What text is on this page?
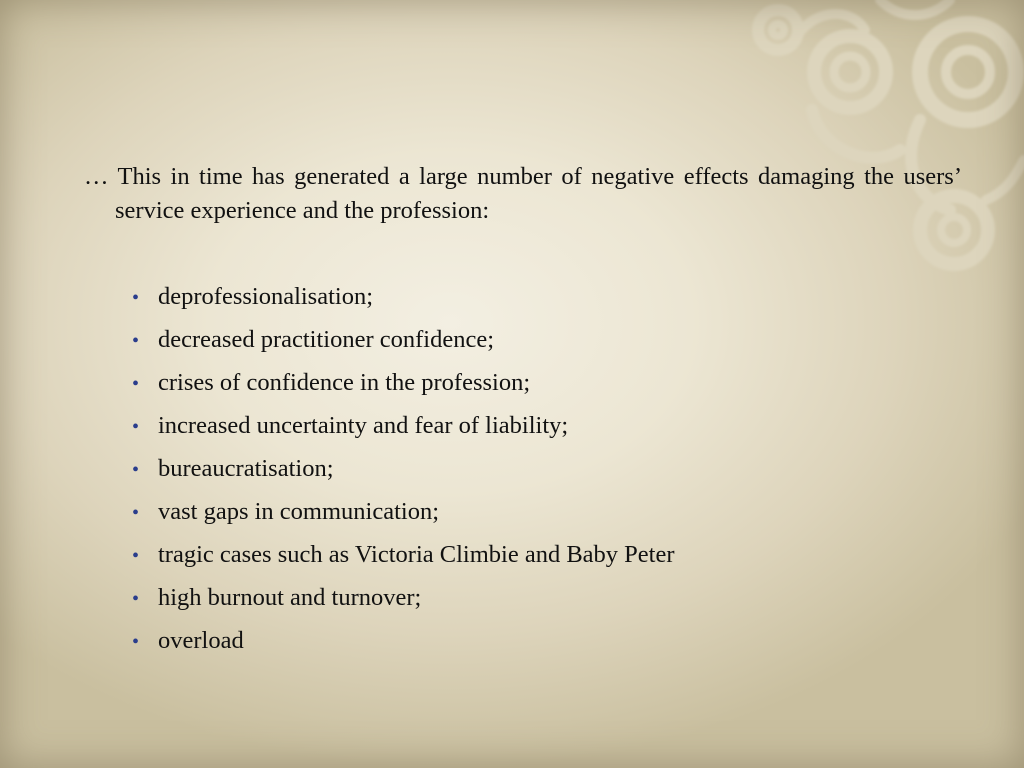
… This in time has generated a large number of negative effects damaging the users’ service experience and the profession:

• deprofessionalisation;
• decreased practitioner confidence;
• crises of confidence in the profession;
• increased uncertainty and fear of liability;
• bureaucratisation;
• vast gaps in communication;
• tragic cases such as Victoria Climbie and Baby Peter
• high burnout and turnover;
• overload
